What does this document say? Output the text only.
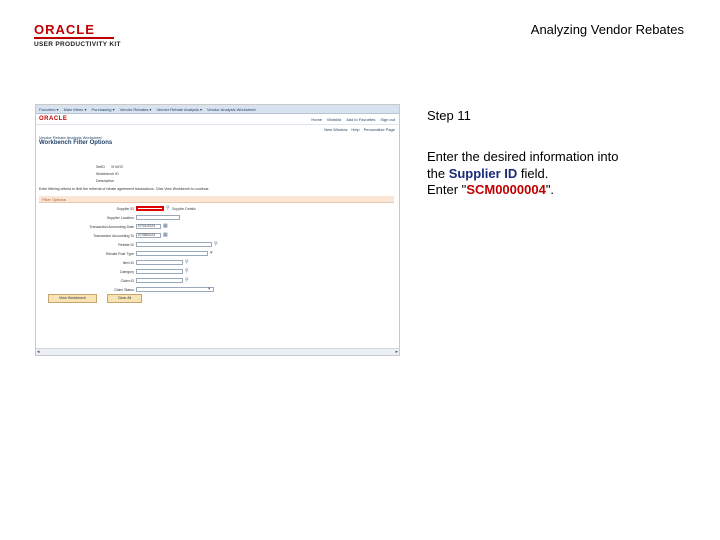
ORACLE
USER PRODUCTIVITY KIT
Analyzing Vendor Rebates
Favorites ▾ Main Menu ▾ Purchasing ▾ Vendor Rebates ▾ Vendor Rebate Analysis ▾ Vendor Analysis Worksheet
ORACLE	Home Worklist Add to Favorites Sign out
New Window Help Personalize Page
Vendor Rebate Analysis Worksheet
Workbench Filter Options
SetID SHARE
Workbench ID
Description
Enter filtering criteria to limit the retrieval of rebate agreement transactions. Click View Workbench to continue.
Filter Options
Supplier ID	⚲ Supplier Details
Supplier Location
Transaction Accounting Date	07/01/2023	▦
Transaction Accounting To	07/08/2023	▦
Rebate ID	⚲
Rebate Rule Type	▾
Item ID	⚲
Category	⚲
Claim ID	⚲
Claim Status	▾
View Workbench	Clear All
◂	▸
Step 11
Enter the desired information into
the Supplier ID field.
Enter "SCM0000004".
